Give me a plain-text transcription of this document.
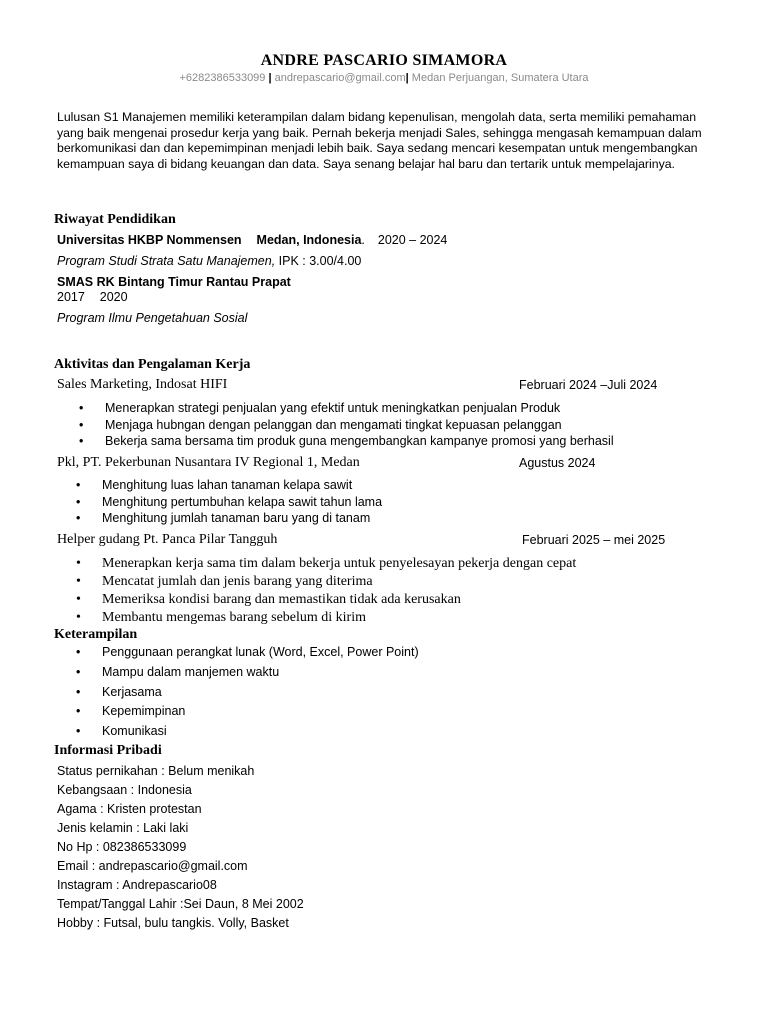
ANDRE PASCARIO SIMAMORA
+6282386533099 | andrepascario@gmail.com| Medan Perjuangan, Sumatera Utara
Lulusan S1 Manajemen memiliki keterampilan dalam bidang kepenulisan, mengolah data, serta memiliki pemahaman yang baik mengenai prosedur kerja yang baik. Pernah bekerja menjadi Sales, sehingga mengasah kemampuan dalam berkomunikasi dan dan kepemimpinan menjadi lebih baik. Saya sedang mencari kesempatan untuk mengembangkan kemampuan saya di bidang keuangan dan data. Saya senang belajar hal baru dan tertarik untuk mempelajarinya.
Riwayat Pendidikan
Universitas HKBP Nommensen Medan, Indonesia. 2020 – 2024
Program Studi Strata Satu Manajemen, IPK : 3.00/4.00
SMAS RK Bintang Timur Rantau Prapat
2017 2020
Program Ilmu Pengetahuan Sosial
Aktivitas dan Pengalaman Kerja
Sales Marketing, Indosat HIFI	Februari 2024 –Juli 2024
• Menerapkan strategi penjualan yang efektif untuk meningkatkan penjualan Produk
• Menjaga hubngan dengan pelanggan dan mengamati tingkat kepuasan pelanggan
• Bekerja sama bersama tim produk guna mengembangkan kampanye promosi yang berhasil
Pkl, PT. Pekerbunan Nusantara IV Regional 1, Medan	Agustus 2024
• Menghitung luas lahan tanaman kelapa sawit
• Menghitung pertumbuhan kelapa sawit tahun lama
• Menghitung jumlah tanaman baru yang di tanam
Helper gudang Pt. Panca Pilar Tangguh	Februari 2025 – mei 2025
• Menerapkan kerja sama tim dalam bekerja untuk penyelesayan pekerja dengan cepat
• Mencatat jumlah dan jenis barang yang diterima
• Memeriksa kondisi barang dan memastikan tidak ada kerusakan
• Membantu mengemas barang sebelum di kirim
Keterampilan
• Penggunaan perangkat lunak (Word, Excel, Power Point)
• Mampu dalam manjemen waktu
• Kerjasama
• Kepemimpinan
• Komunikasi
Informasi Pribadi
Status pernikahan : Belum menikah
Kebangsaan : Indonesia
Agama : Kristen protestan
Jenis kelamin : Laki laki
No Hp : 082386533099
Email : andrepascario@gmail.com
Instagram : Andrepascario08
Tempat/Tanggal Lahir :Sei Daun, 8 Mei 2002
Hobby : Futsal, bulu tangkis. Volly, Basket
